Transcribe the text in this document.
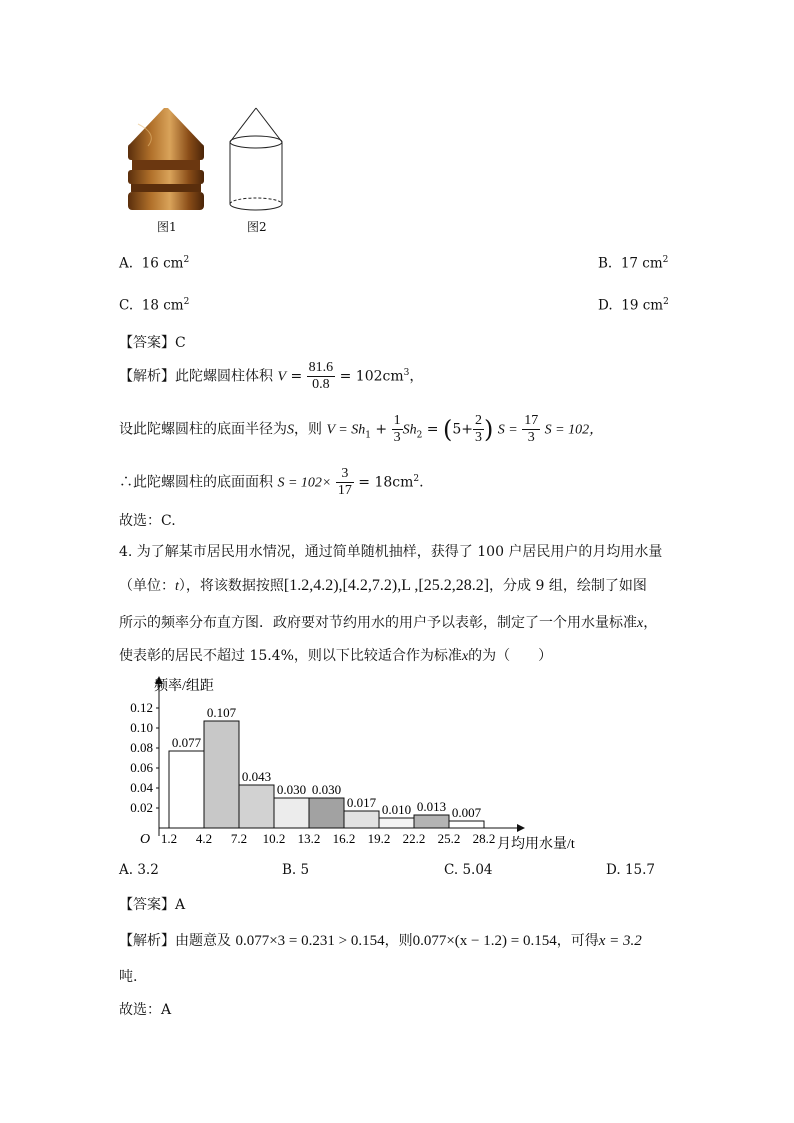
图1	图2
A. 16 $cm^2$	B. 17 $cm^2$
C. 18 $cm^2$	D. 19 $cm^2$
【答案】C
【解析】此陀螺圆柱体积 $V = \frac{81.6}{0.8} = 102cm^3$，
设此陀螺圆柱的底面半径为S，则 $V = Sh_1 + \frac{1}{3} Sh_2 = (5+ \frac{2}{3}$ ) $S = \frac{17}{3}$ S = 102，
∴此陀螺圆柱的底面面积 $S = 102\times \frac{3}{17} = 18cm^2$.
故选：C.
4. 为了解某市居民用水情况，通过简单随机抽样，获得了 100 户居民用户的月均用水量
（单位：t），将该数据按照[1.2,4.2),[4.2,7.2),L ,[25.2,28.2]，分成 9 组，绘制了如图
所示的频率分布直方图．政府要对节约用水的用户予以表彰，制定了一个用水量标准x，
使表彰的居民不超过 15.4%，则以下比较适合作为标准x的为（　　）
频率/组距
月均用水量/t
O
0.02
0.04
0.06
0.08
0.10
0.12
0.077
0.107
0.043
0.030 0.030
0.017 0.010 0.013 0.007
1.2 4.2 7.2 10.2 13.2 16.2 19.2 22.2 25.2 28.2
A. 3.2	B. 5	C. 5.04	D. 15.7
【答案】A
【解析】由题意及 0.077×3 = 0.231 > 0.154，则0.077×(x − 1.2) = 0.154，可得x = 3.2
吨.
故选：A
